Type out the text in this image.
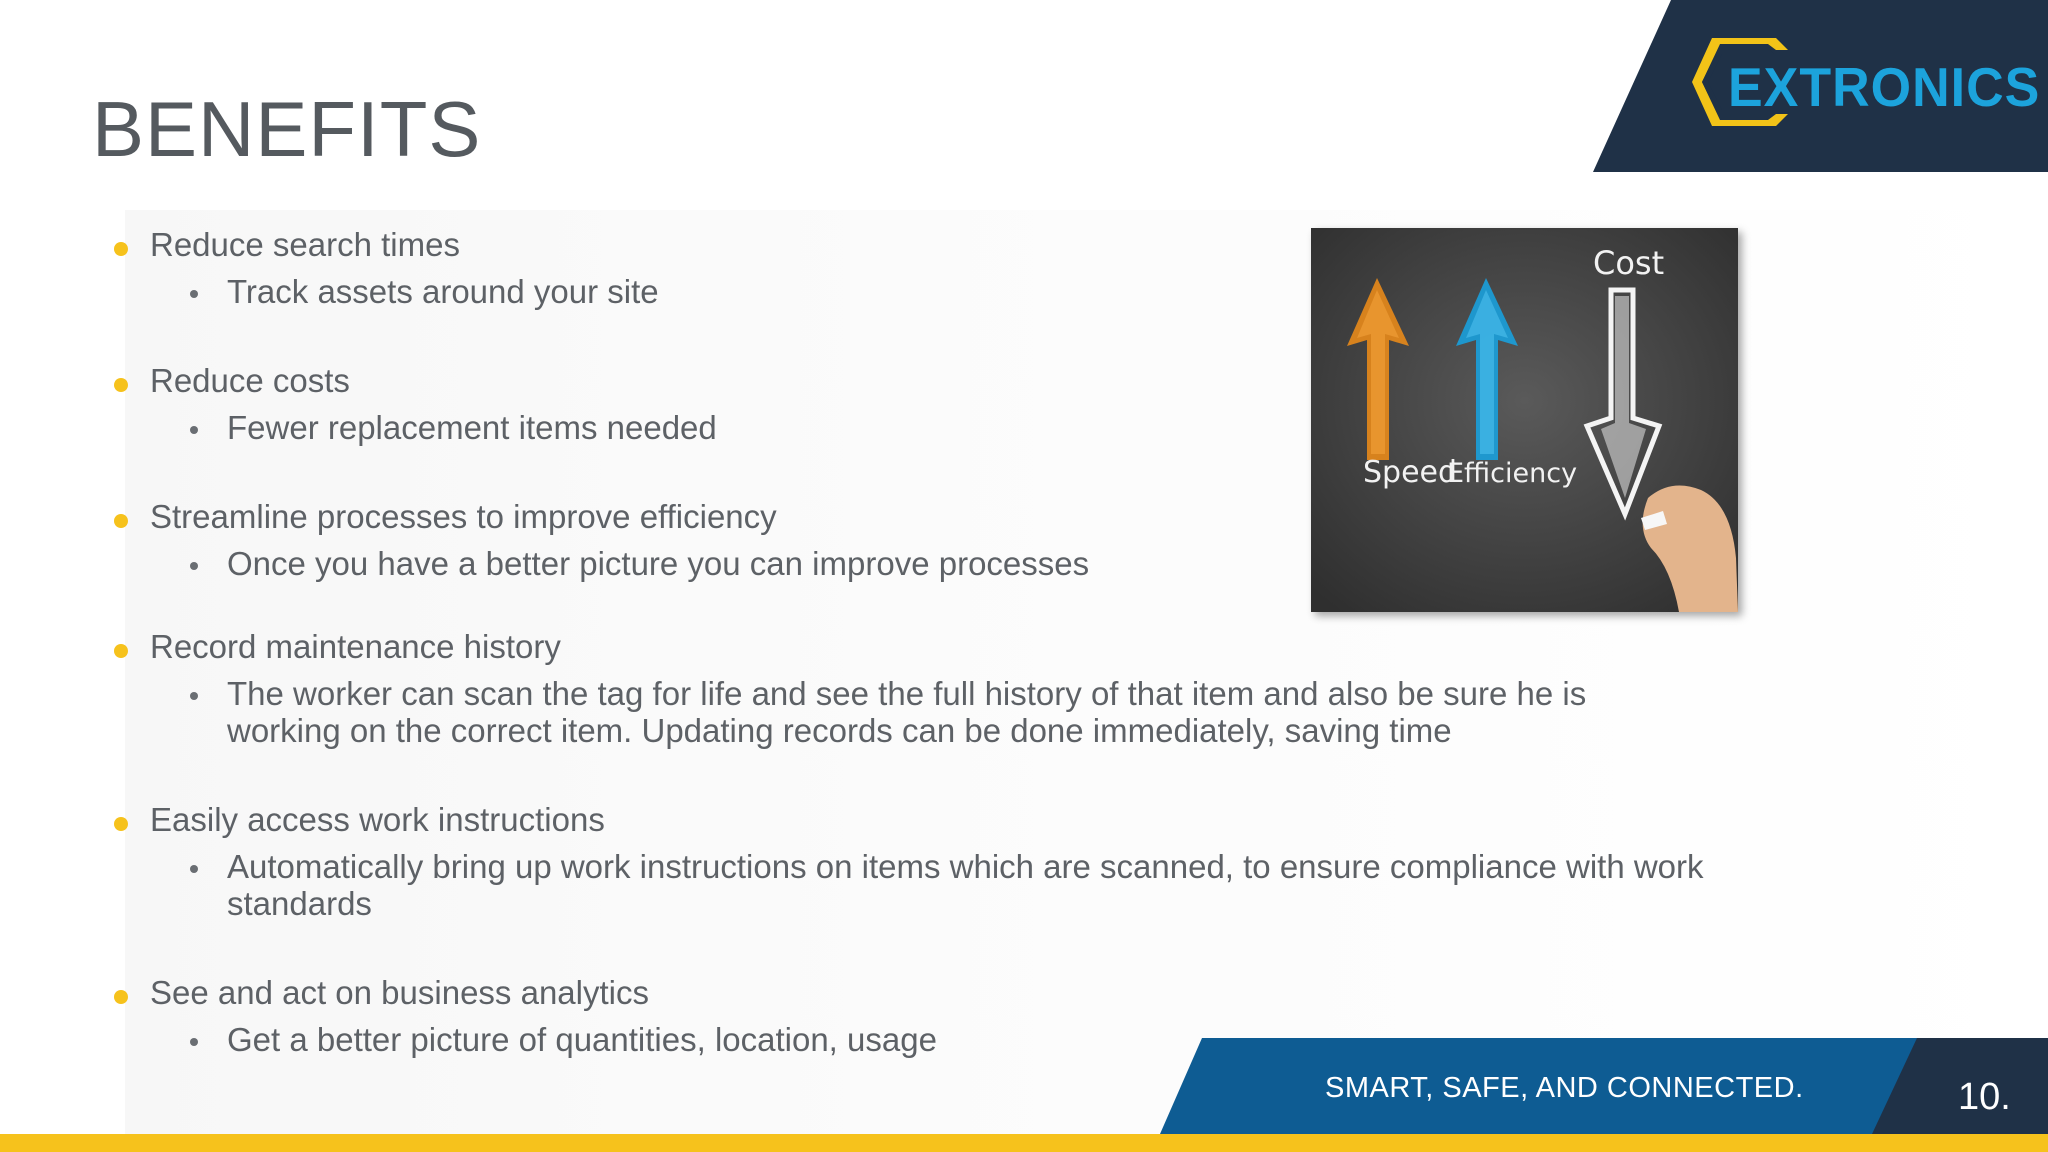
BENEFITS	EXTRONICS
Reduce search times
Track assets around your site
Reduce costs
Fewer replacement items needed
Streamline processes to improve efficiency
Once you have a better picture you can improve processes
Record maintenance history
The worker can scan the tag for life and see the full history of that item and also be sure he is working on the correct item. Updating records can be done immediately, saving time
Easily access work instructions
Automatically bring up work instructions on items which are scanned, to ensure compliance with work standards
See and act on business analytics
Get a better picture of quantities, location, usage
Speed
Efficiency
Cost
SMART, SAFE, AND CONNECTED.	10.
